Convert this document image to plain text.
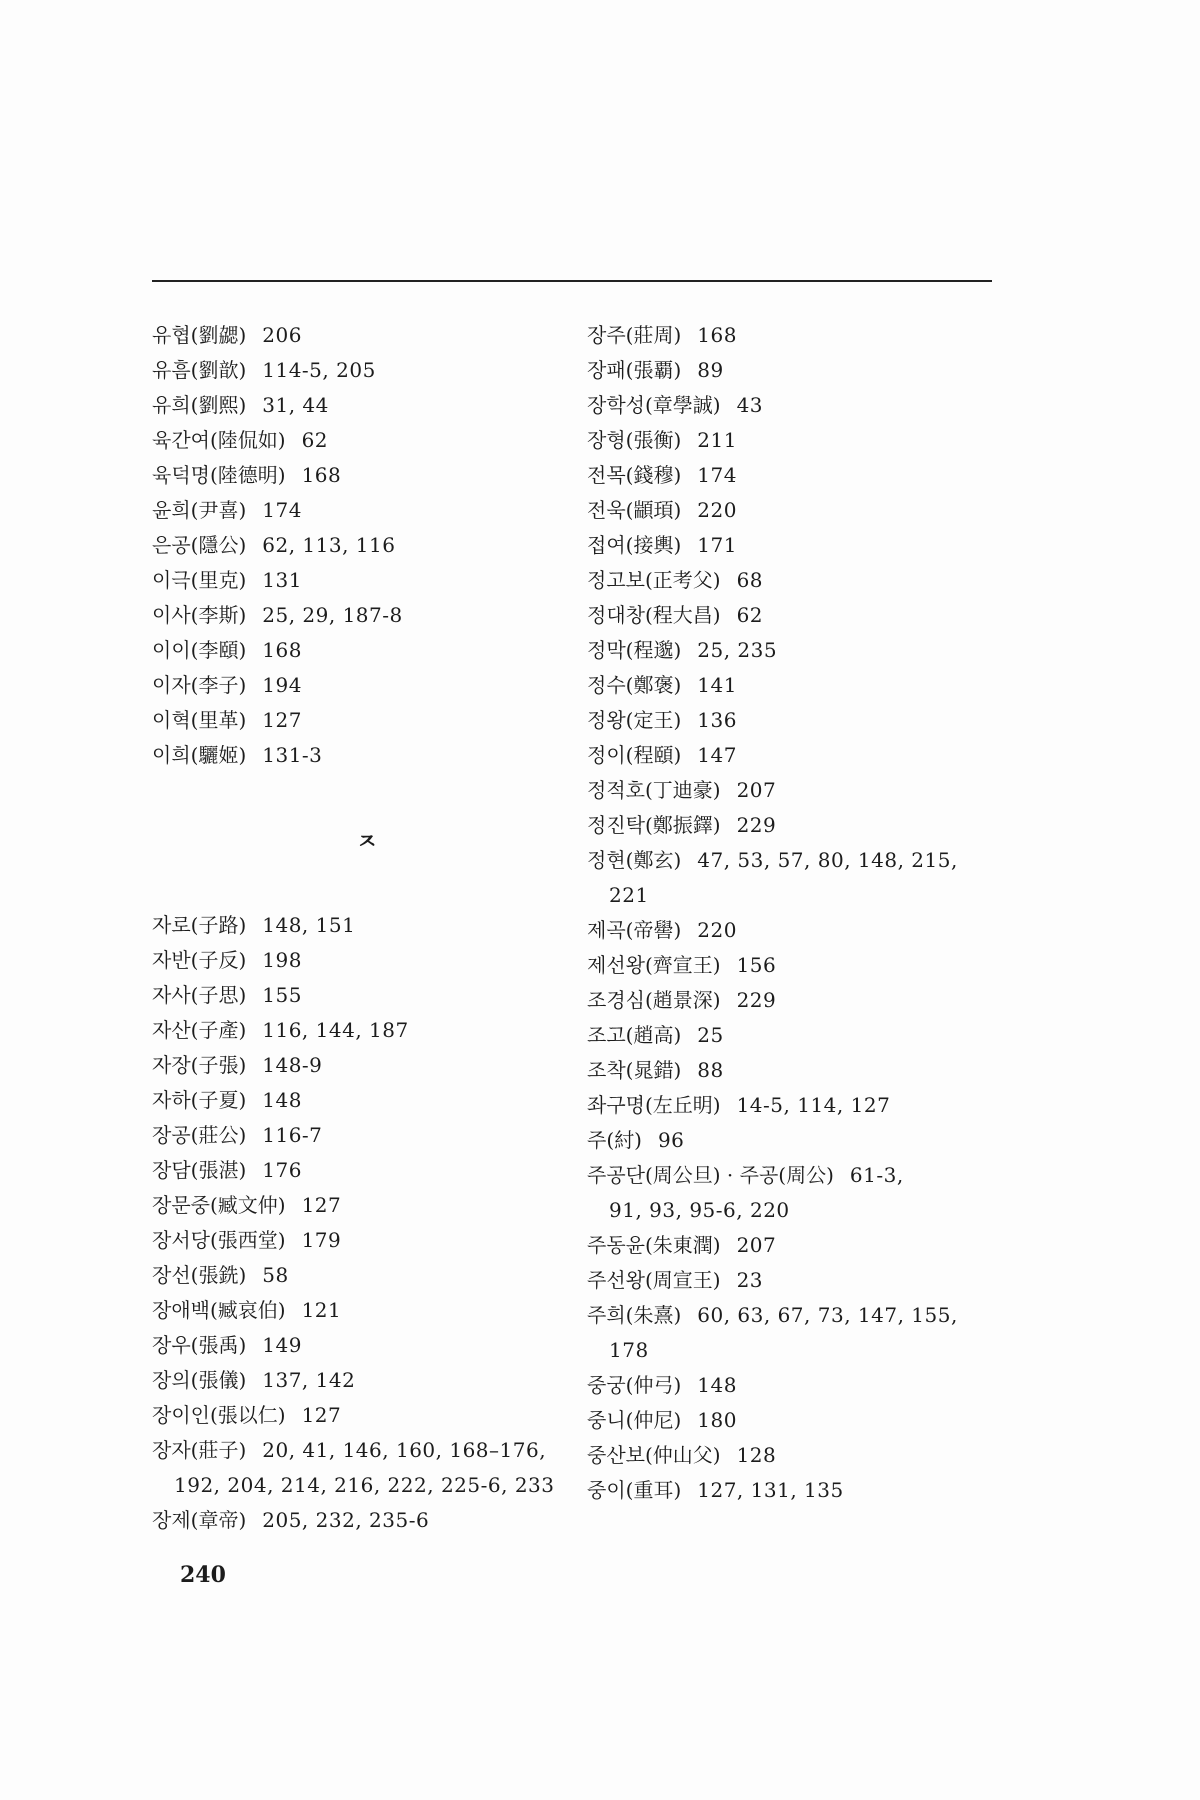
유협(劉勰) 206
유흠(劉歆) 114-5, 205
유희(劉熙) 31, 44
육간여(陸侃如) 62
육덕명(陸德明) 168
윤희(尹喜) 174
은공(隱公) 62, 113, 116
이극(里克) 131
이사(李斯) 25, 29, 187-8
이이(李頤) 168
이자(李子) 194
이혁(里革) 127
이희(驪姬) 131-3
ㅈ
자로(子路) 148, 151
자반(子反) 198
자사(子思) 155
자산(子產) 116, 144, 187
자장(子張) 148-9
자하(子夏) 148
장공(莊公) 116-7
장담(張湛) 176
장문중(臧文仲) 127
장서당(張西堂) 179
장선(張銑) 58
장애백(臧哀伯) 121
장우(張禹) 149
장의(張儀) 137, 142
장이인(張以仁) 127
장자(莊子) 20, 41, 146, 160, 168–176,
192, 204, 214, 216, 222, 225-6, 233
장제(章帝) 205, 232, 235-6
장주(莊周) 168
장패(張覇) 89
장학성(章學誠) 43
장형(張衡) 211
전목(錢穆) 174
전욱(顓頊) 220
접여(接輿) 171
정고보(正考父) 68
정대창(程大昌) 62
정막(程邈) 25, 235
정수(鄭褒) 141
정왕(定王) 136
정이(程頤) 147
정적호(丁迪豪) 207
정진탁(鄭振鐸) 229
정현(鄭玄) 47, 53, 57, 80, 148, 215,
221
제곡(帝嚳) 220
제선왕(齊宣王) 156
조경심(趙景深) 229
조고(趙高) 25
조착(晁錯) 88
좌구명(左丘明) 14-5, 114, 127
주(紂) 96
주공단(周公旦) · 주공(周公) 61-3,
91, 93, 95-6, 220
주동윤(朱東潤) 207
주선왕(周宣王) 23
주희(朱熹) 60, 63, 67, 73, 147, 155,
178
중궁(仲弓) 148
중니(仲尼) 180
중산보(仲山父) 128
중이(重耳) 127, 131, 135
240
